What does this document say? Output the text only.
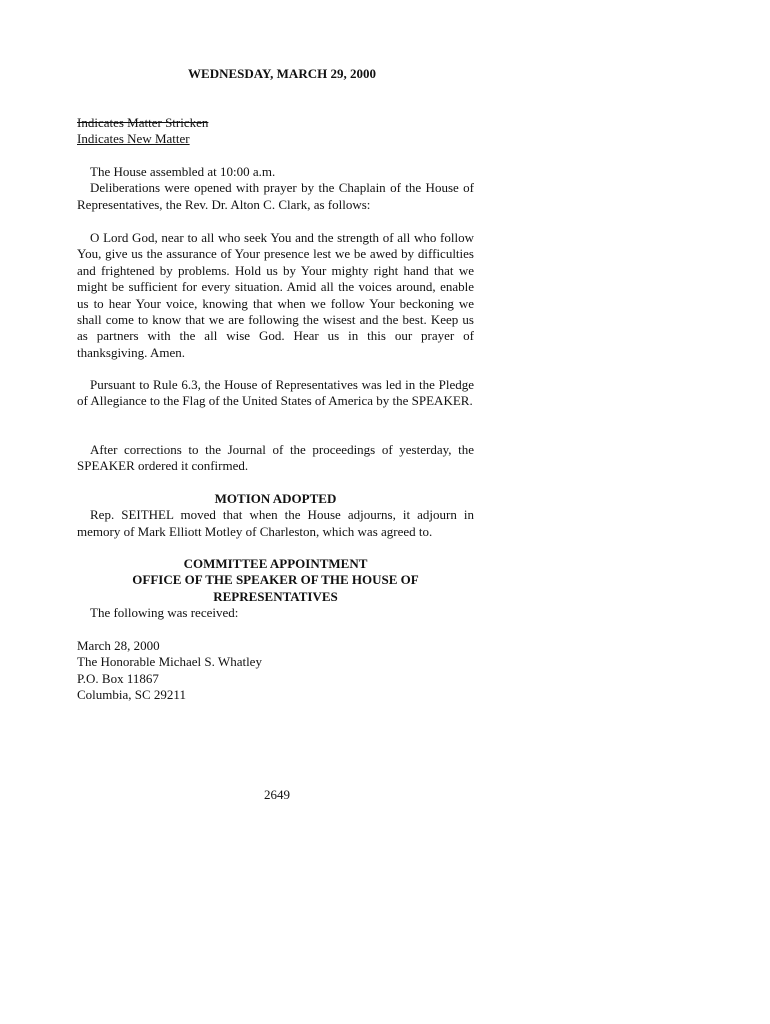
WEDNESDAY, MARCH 29, 2000

Indicates Matter Stricken

Indicates New Matter

The House assembled at 10:00 a.m.

Deliberations were opened with prayer by the Chaplain of the House of Representatives, the Rev. Dr. Alton C. Clark, as follows:

O Lord God, near to all who seek You and the strength of all who follow You, give us the assurance of Your presence lest we be awed by difficulties and frightened by problems. Hold us by Your mighty right hand that we might be sufficient for every situation. Amid all the voices around, enable us to hear Your voice, knowing that when we follow Your beckoning we shall come to know that we are following the wisest and the best. Keep us as partners with the all wise God. Hear us in this our prayer of thanksgiving. Amen.

Pursuant to Rule 6.3, the House of Representatives was led in the Pledge of Allegiance to the Flag of the United States of America by the SPEAKER.

After corrections to the Journal of the proceedings of yesterday, the SPEAKER ordered it confirmed.

MOTION ADOPTED

Rep. SEITHEL moved that when the House adjourns, it adjourn in memory of Mark Elliott Motley of Charleston, which was agreed to.

COMMITTEE APPOINTMENT

OFFICE OF THE SPEAKER OF THE HOUSE OF

REPRESENTATIVES

The following was received:

March 28, 2000

The Honorable Michael S. Whatley

P.O. Box 11867

Columbia, SC 29211

2649
